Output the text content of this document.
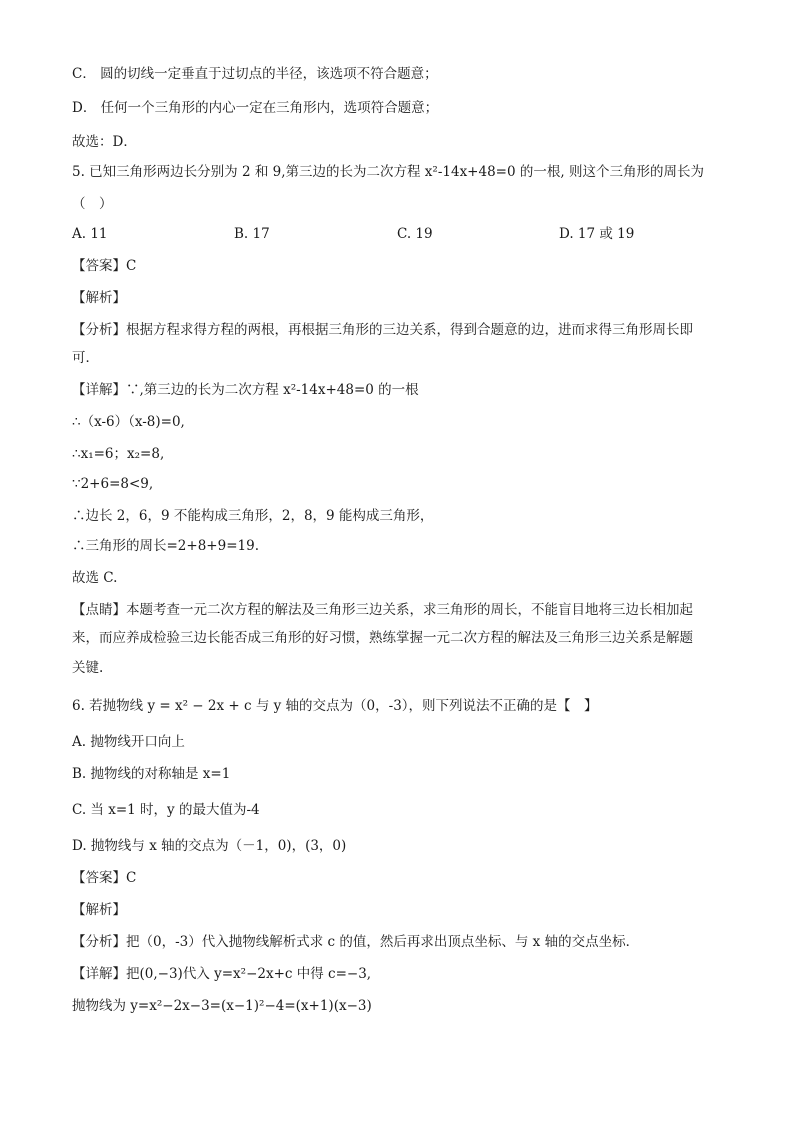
C． 圆的切线一定垂直于过切点的半径，该选项不符合题意；
D． 任何一个三角形的内心一定在三角形内，选项符合题意；
故选：D．
5. 已知三角形两边长分别为 2 和 9,第三边的长为二次方程 x²-14x+48=0 的一根, 则这个三角形的周长为
（　）
A. 11	B. 17	C. 19	D. 17 或 19
【答案】C
【解析】
【分析】根据方程求得方程的两根，再根据三角形的三边关系，得到合题意的边，进而求得三角形周长即
可．
【详解】∵,第三边的长为二次方程 x²-14x+48=0 的一根
∴（x-6）（x-8)=0,
∴x₁=6；x₂=8,
∵2+6=8<9,
∴边长 2，6，9 不能构成三角形，2，8，9 能构成三角形，
∴三角形的周长=2+8+9=19.
故选 C.
【点睛】本题考查一元二次方程的解法及三角形三边关系，求三角形的周长，不能盲目地将三边长相加起
来，而应养成检验三边长能否成三角形的好习惯，熟练掌握一元二次方程的解法及三角形三边关系是解题
关键.
6. 若抛物线 y = x² − 2x + c 与 y 轴的交点为（0，-3），则下列说法不正确的是【　】
A. 抛物线开口向上
B. 抛物线的对称轴是 x=1
C. 当 x=1 时，y 的最大值为-4
D. 抛物线与 x 轴的交点为（－1，0)，(3，0)
【答案】C
【解析】
【分析】把（0，-3）代入抛物线解析式求 c 的值，然后再求出顶点坐标、与 x 轴的交点坐标．
【详解】把(0,−3)代入 y=x²−2x+c 中得 c=−3,
抛物线为 y=x²−2x−3=(x−1)²−4=(x+1)(x−3)
